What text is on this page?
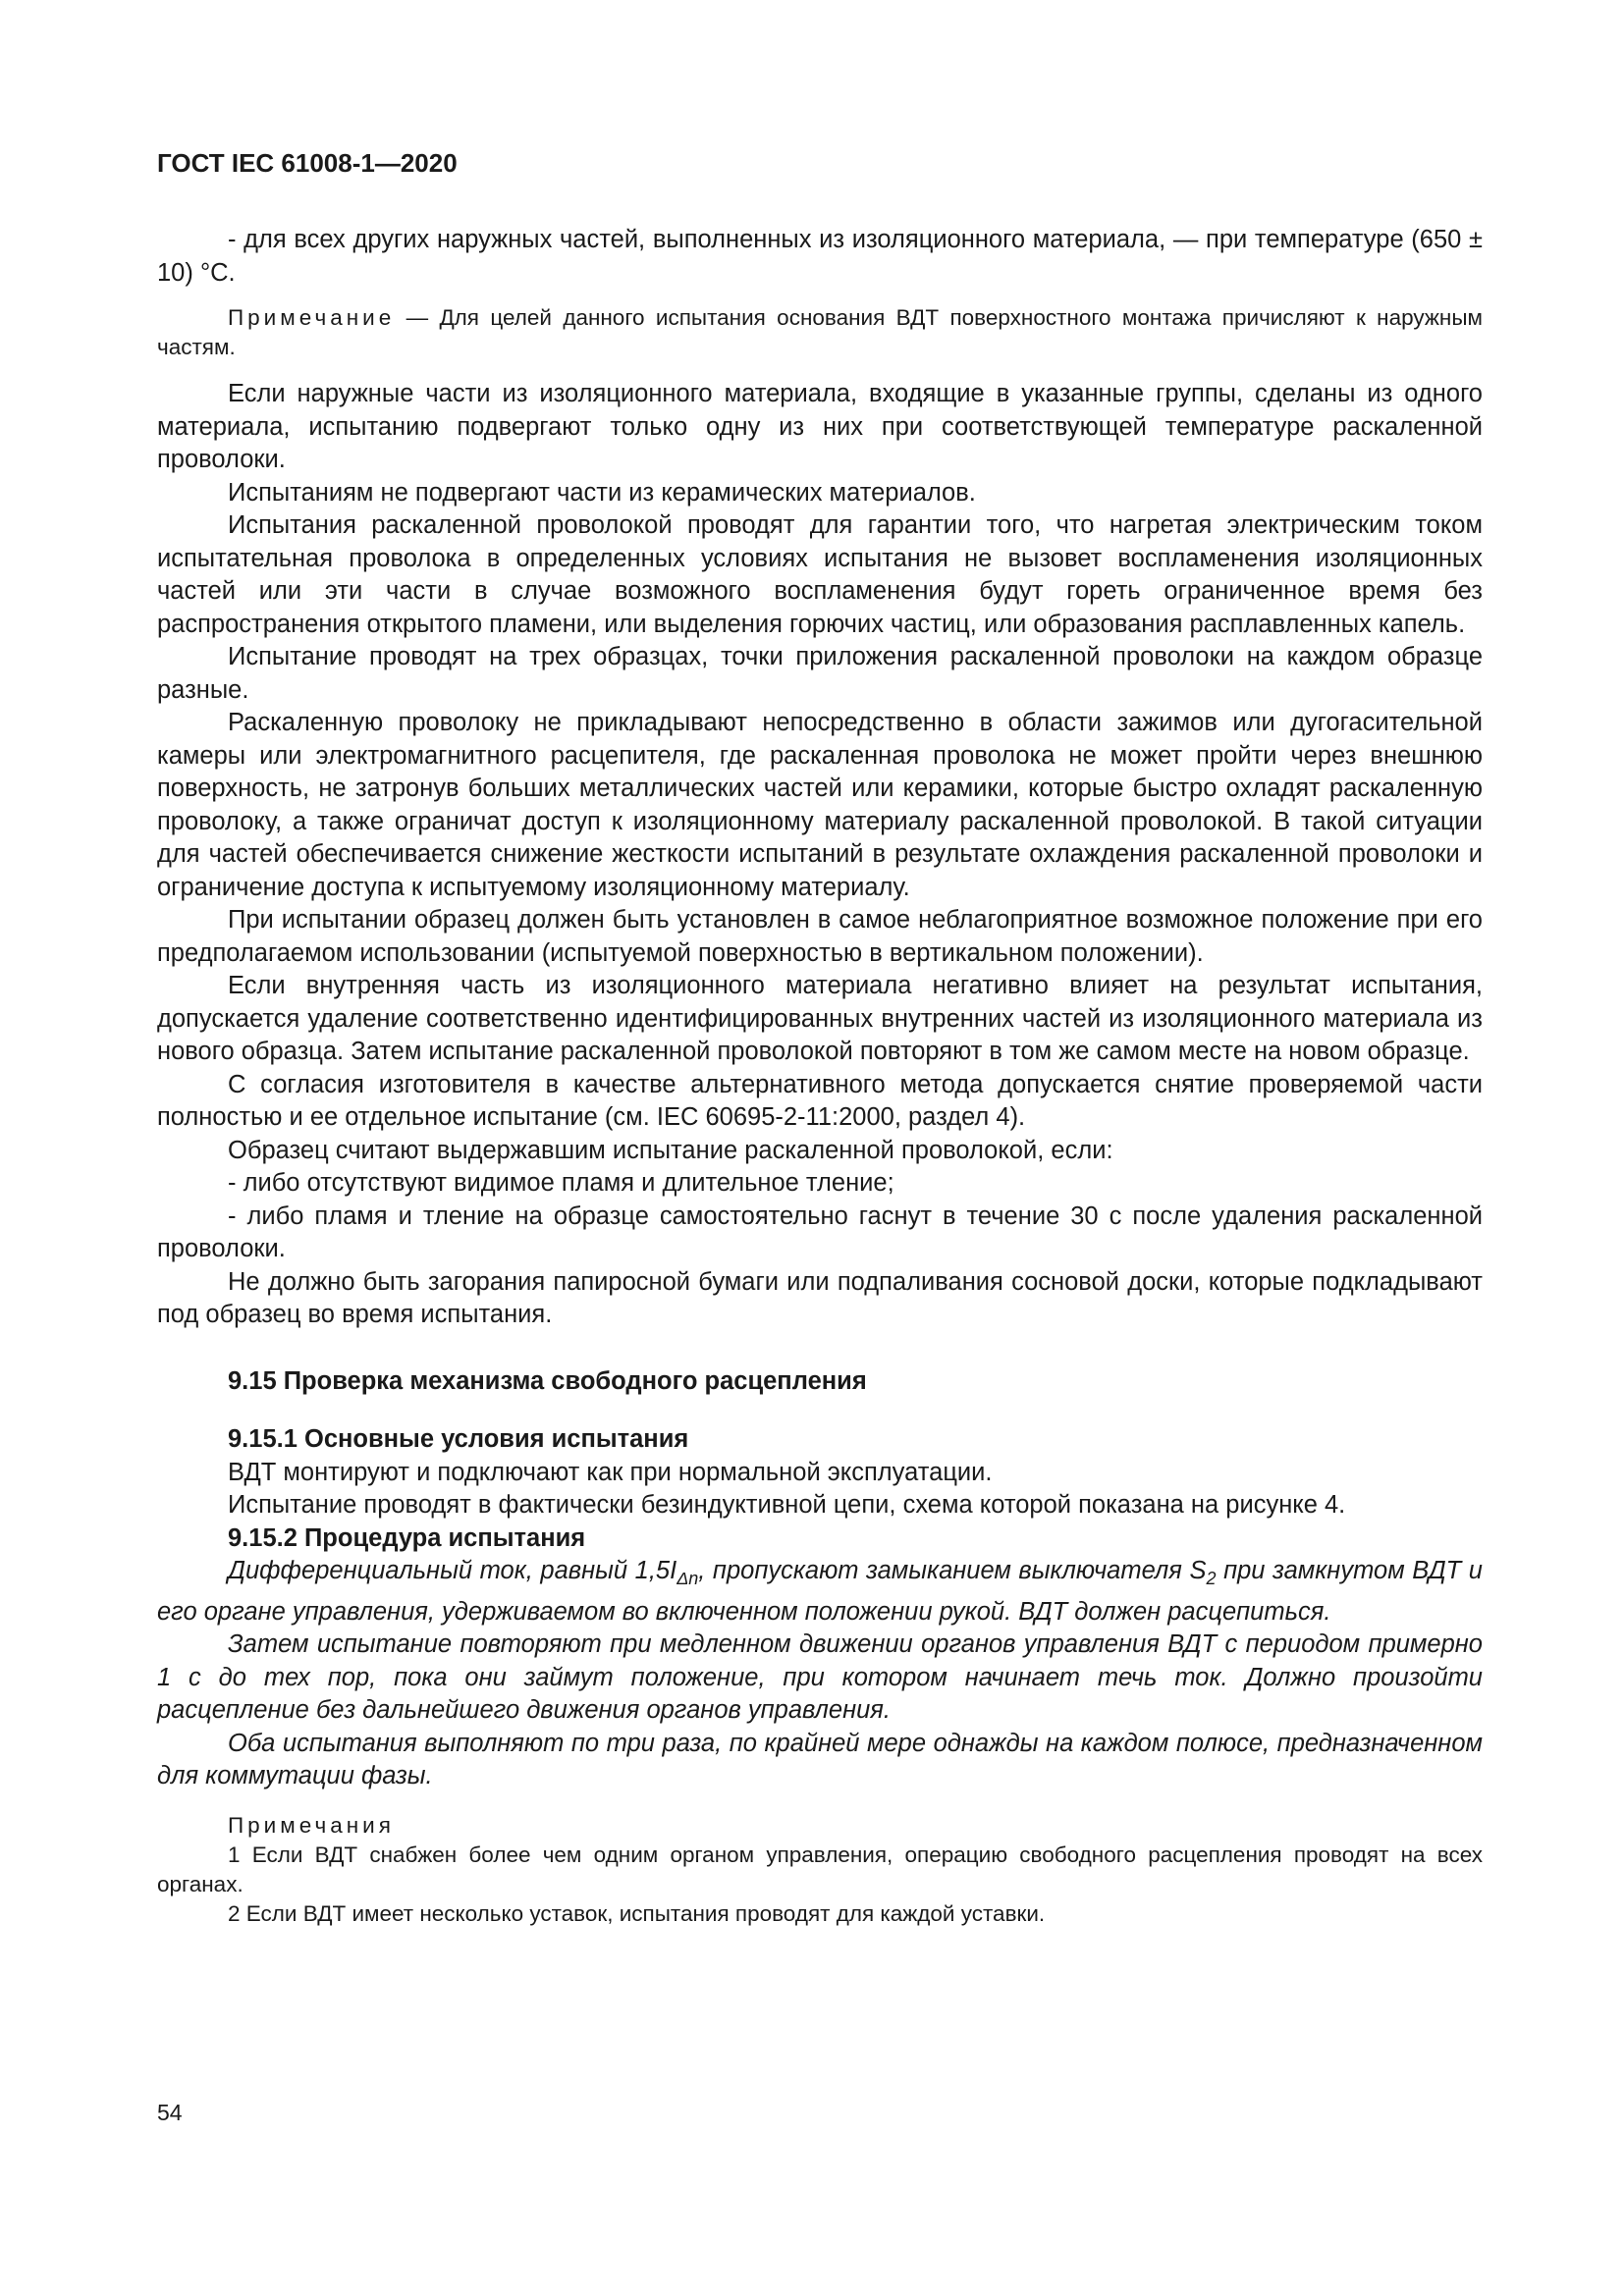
ГОСТ IEC 61008-1—2020

- для всех других наружных частей, выполненных из изоляционного материала, — при температуре (650 ± 10) °С.

Примечание — Для целей данного испытания основания ВДТ поверхностного монтажа причисляют к наружным частям.

Если наружные части из изоляционного материала, входящие в указанные группы, сделаны из одного материала, испытанию подвергают только одну из них при соответствующей температуре раскаленной проволоки.

Испытаниям не подвергают части из керамических материалов.

Испытания раскаленной проволокой проводят для гарантии того, что нагретая электрическим током испытательная проволока в определенных условиях испытания не вызовет воспламенения изоляционных частей или эти части в случае возможного воспламенения будут гореть ограниченное время без распространения открытого пламени, или выделения горючих частиц, или образования расплавленных капель.

Испытание проводят на трех образцах, точки приложения раскаленной проволоки на каждом образце разные.

Раскаленную проволоку не прикладывают непосредственно в области зажимов или дугогасительной камеры или электромагнитного расцепителя, где раскаленная проволока не может пройти через внешнюю поверхность, не затронув больших металлических частей или керамики, которые быстро охладят раскаленную проволоку, а также ограничат доступ к изоляционному материалу раскаленной проволокой. В такой ситуации для частей обеспечивается снижение жесткости испытаний в результате охлаждения раскаленной проволоки и ограничение доступа к испытуемому изоляционному материалу.

При испытании образец должен быть установлен в самое неблагоприятное возможное положение при его предполагаемом использовании (испытуемой поверхностью в вертикальном положении).

Если внутренняя часть из изоляционного материала негативно влияет на результат испытания, допускается удаление соответственно идентифицированных внутренних частей из изоляционного материала из нового образца. Затем испытание раскаленной проволокой повторяют в том же самом месте на новом образце.

С согласия изготовителя в качестве альтернативного метода допускается снятие проверяемой части полностью и ее отдельное испытание (см. IEC 60695-2-11:2000, раздел 4).

Образец считают выдержавшим испытание раскаленной проволокой, если:

- либо отсутствуют видимое пламя и длительное тление;

- либо пламя и тление на образце самостоятельно гаснут в течение 30 с после удаления раскаленной проволоки.

Не должно быть загорания папиросной бумаги или подпаливания сосновой доски, которые подкладывают под образец во время испытания.

9.15 Проверка механизма свободного расцепления
9.15.1 Основные условия испытания

ВДТ монтируют и подключают как при нормальной эксплуатации.

Испытание проводят в фактически безиндуктивной цепи, схема которой показана на рисунке 4.

9.15.2 Процедура испытания

Дифференциальный ток, равный $1,5I_{\Delta n}$, пропускают замыканием выключателя $S_2$ при замкнутом ВДТ и его органе управления, удерживаемом во включенном положении рукой. ВДТ должен расцепиться.

Затем испытание повторяют при медленном движении органов управления ВДТ с периодом примерно 1 с до тех пор, пока они займут положение, при котором начинает течь ток. Должно произойти расцепление без дальнейшего движения органов управления.

Оба испытания выполняют по три раза, по крайней мере однажды на каждом полюсе, предназначенном для коммутации фазы.

Примечания

1 Если ВДТ снабжен более чем одним органом управления, операцию свободного расцепления проводят на всех органах.

2 Если ВДТ имеет несколько уставок, испытания проводят для каждой уставки.

54
